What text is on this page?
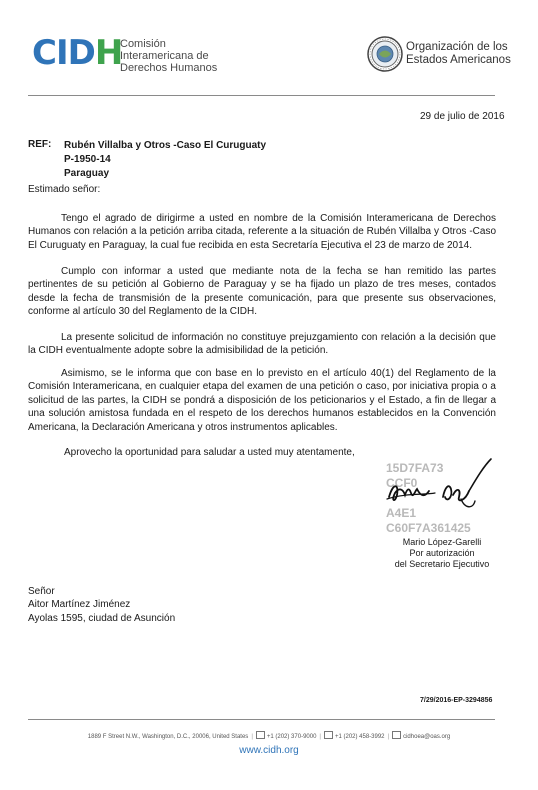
CIDH
Comisión
Interamericana de
Derechos Humanos
Organización de los
Estados Americanos
29 de julio de 2016
REF: Rubén Villalba y Otros -Caso El Curuguaty
P-1950-14
Paraguay
Estimado señor:

Tengo el agrado de dirigirme a usted en nombre de la Comisión Interamericana de Derechos Humanos con relación a la petición arriba citada, referente a la situación de Rubén Villalba y Otros -Caso El Curuguaty en Paraguay, la cual fue recibida en esta Secretaría Ejecutiva el 23 de marzo de 2014.

Cumplo con informar a usted que mediante nota de la fecha se han remitido las partes pertinentes de su petición al Gobierno de Paraguay y se ha fijado un plazo de tres meses, contados desde la fecha de transmisión de la presente comunicación, para que presente sus observaciones, conforme al artículo 30 del Reglamento de la CIDH.

La presente solicitud de información no constituye prejuzgamiento con relación a la decisión que la CIDH eventualmente adopte sobre la admisibilidad de la petición.

Asimismo, se le informa que con base en lo previsto en el artículo 40(1) del Reglamento de la Comisión Interamericana, en cualquier etapa del examen de una petición o caso, por iniciativa propia o a solicitud de las partes, la CIDH se pondrá a disposición de los peticionarios y el Estado, a fin de llegar a una solución amistosa fundada en el respeto de los derechos humanos establecidos en la Convención Americana, la Declaración Americana y otros instrumentos aplicables.

Aprovecho la oportunidad para saludar a usted muy atentamente,
15D7FA73
CCF0

A4E1
C60F7A361425
Mario López-Garelli
Por autorización
del Secretario Ejecutivo
Señor
Aitor Martínez Jiménez
Ayolas 1595, ciudad de Asunción
7/29/2016-EP-3294856
1889 F Street N.W., Washington, D.C., 20006, United States | +1 (202) 370-9000 | +1 (202) 458-3992 | cidhoea@oas.org
www.cidh.org
